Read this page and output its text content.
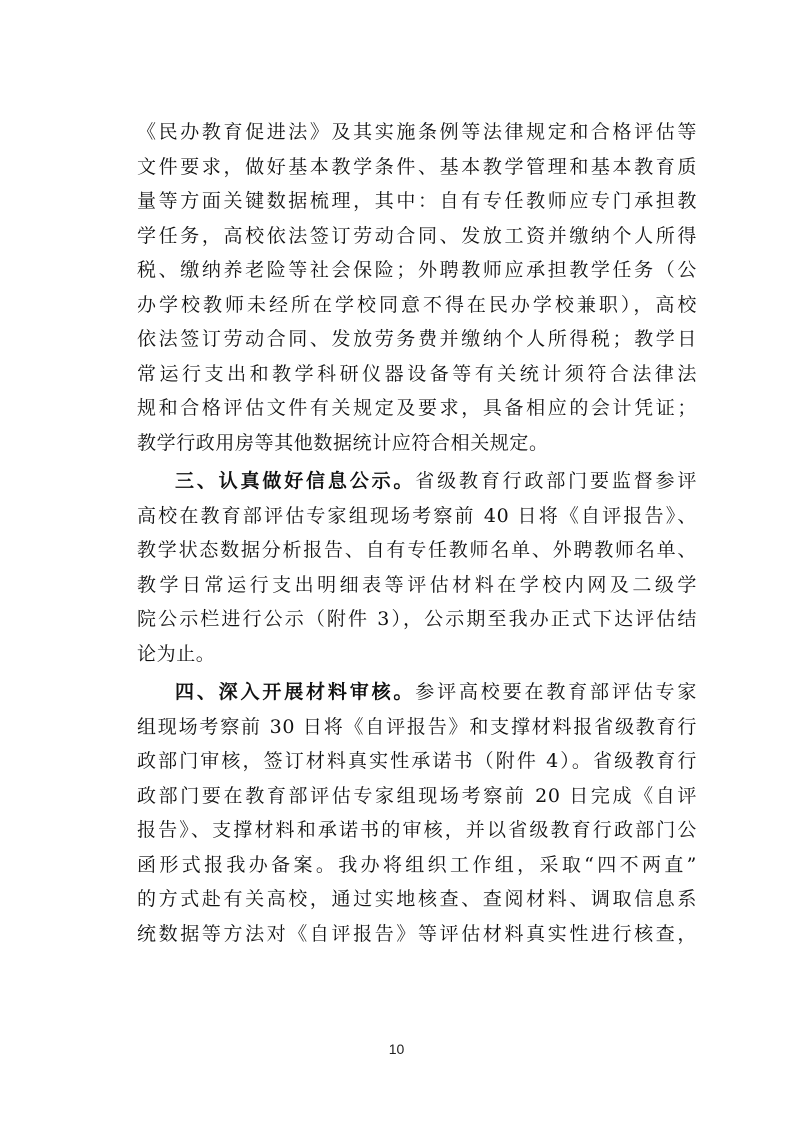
《民办教育促进法》及其实施条例等法律规定和合格评估等
文件要求，做好基本教学条件、基本教学管理和基本教育质
量等方面关键数据梳理，其中：自有专任教师应专门承担教
学任务，高校依法签订劳动合同、发放工资并缴纳个人所得
税、缴纳养老险等社会保险；外聘教师应承担教学任务（公
办学校教师未经所在学校同意不得在民办学校兼职），高校
依法签订劳动合同、发放劳务费并缴纳个人所得税；教学日
常运行支出和教学科研仪器设备等有关统计须符合法律法
规和合格评估文件有关规定及要求，具备相应的会计凭证；
教学行政用房等其他数据统计应符合相关规定。
三、认真做好信息公示。省级教育行政部门要监督参评
高校在教育部评估专家组现场考察前 40 日将《自评报告》、
教学状态数据分析报告、自有专任教师名单、外聘教师名单、
教学日常运行支出明细表等评估材料在学校内网及二级学
院公示栏进行公示（附件 3），公示期至我办正式下达评估结
论为止。
四、深入开展材料审核。参评高校要在教育部评估专家
组现场考察前 30 日将《自评报告》和支撑材料报省级教育行
政部门审核，签订材料真实性承诺书（附件 4）。省级教育行
政部门要在教育部评估专家组现场考察前 20 日完成《自评
报告》、支撑材料和承诺书的审核，并以省级教育行政部门公
函形式报我办备案。我办将组织工作组，采取“四不两直”
的方式赴有关高校，通过实地核查、查阅材料、调取信息系
统数据等方法对《自评报告》等评估材料真实性进行核查，
10
